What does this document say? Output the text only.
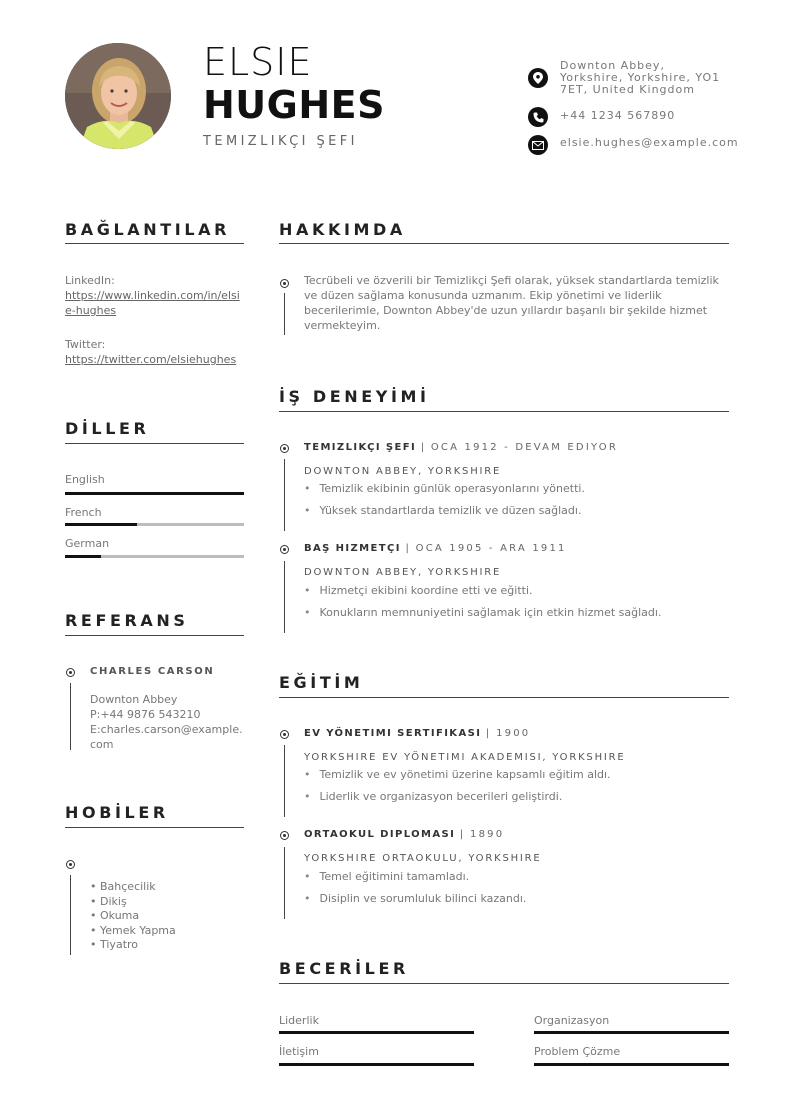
ELSIE
HUGHES
TEMIZLIKÇI ŞEFI
Downton Abbey, Yorkshire, Yorkshire, YO1 7ET, United Kingdom
+44 1234 567890
elsie.hughes@example.com
BAĞLANTILAR
LinkedIn:
https://www.linkedin.com/in/elsie-hughes
Twitter:
https://twitter.com/elsiehughes
DİLLER
English
French
German
REFERANS
CHARLES CARSON
Downton Abbey
P:+44 9876 543210
E:charles.carson@example.com
HOBİLER
• Bahçecilik
• Dikiş
• Okuma
• Yemek Yapma
• Tiyatro
HAKKIMDA
Tecrübeli ve özverili bir Temizlikçi Şefi olarak, yüksek standartlarda temizlik ve düzen sağlama konusunda uzmanım. Ekip yönetimi ve liderlik becerilerimle, Downton Abbey'de uzun yıllardır başarılı bir şekilde hizmet vermekteyim.
İŞ DENEYİMİ
TEMIZLIKÇI ŞEFI | OCA 1912 - DEVAM EDIYOR
DOWNTON ABBEY, YORKSHIRE
• Temizlik ekibinin günlük operasyonlarını yönetti.
• Yüksek standartlarda temizlik ve düzen sağladı.
BAŞ HIZMETÇI | OCA 1905 - ARA 1911
DOWNTON ABBEY, YORKSHIRE
• Hizmetçi ekibini koordine etti ve eğitti.
• Konukların memnuniyetini sağlamak için etkin hizmet sağladı.
EĞİTİM
EV YÖNETIMI SERTIFIKASI | 1900
YORKSHIRE EV YÖNETIMI AKADEMISI, YORKSHIRE
• Temizlik ve ev yönetimi üzerine kapsamlı eğitim aldı.
• Liderlik ve organizasyon becerileri geliştirdi.
ORTAOKUL DIPLOMASI | 1890
YORKSHIRE ORTAOKULU, YORKSHIRE
• Temel eğitimini tamamladı.
• Disiplin ve sorumluluk bilinci kazandı.
BECERİLER
Liderlik	Organizasyon
İletişim	Problem Çözme
